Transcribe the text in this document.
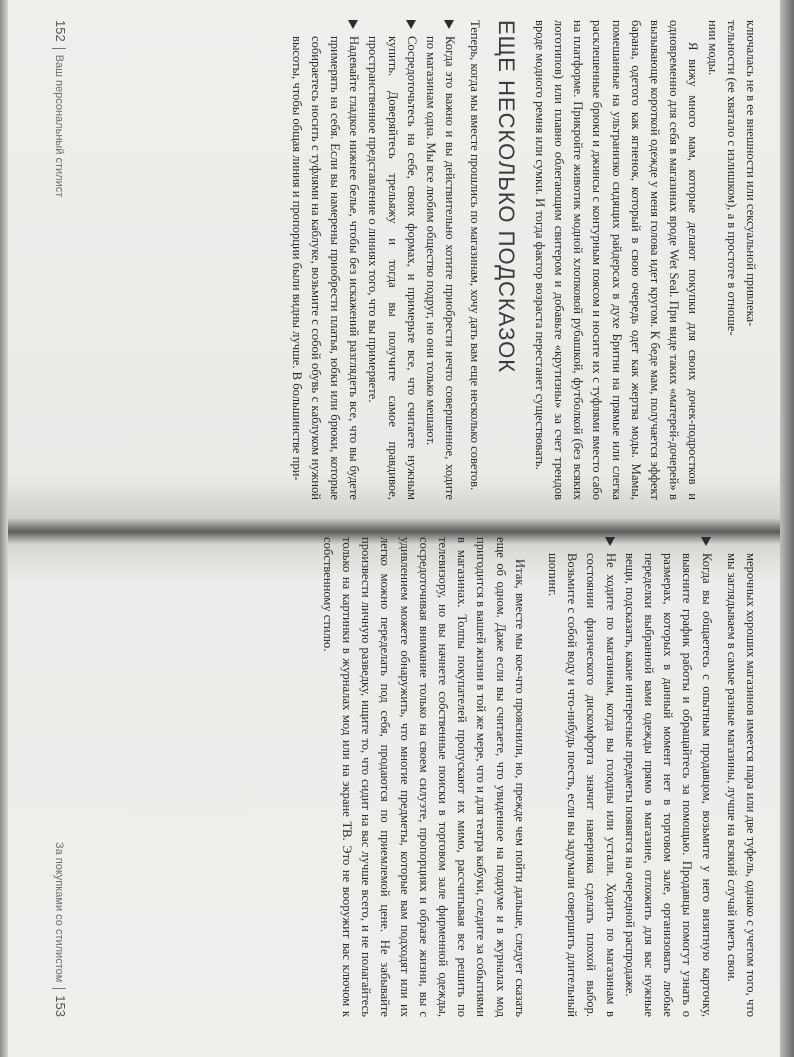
ключалась не в ее внешности или сексуальной привлека-

тельности (ее хватало с излишком), а в простоте в отноше-

нии моды.

Я вижу много мам, которые делают покупки для своих дочек-подростков и одновременно для себя в магазинах вроде Wet Seal. При виде таких «матерей-дочерей» в вызывающе короткой одежде у меня голова идет кругом. К беде мам, получается эффект барана, одетого как ягненок, который в свою очередь одет как жертва моды. Мамы, помешанные на ультранизко сидящих райдерсах в духе Бритни на прямые или слегка расклешенные брюки и джинсы с контурным поясом и носите их с туфлями вместо сабо на платформе. Прикройте животик модной хлопковой рубашкой, футболкой (без всяких логотипов) или плавно облегающим свитером и добавьте «крутизны» за счет трендов вроде модного ремня или сумки. И тогда фактор возраста перестанет существовать.

ЕЩЕ НЕСКОЛЬКО ПОДСКАЗОК

Теперь, когда мы вместе прошлись по магазинам, хочу дать вам еще несколько советов.

Когда это важно и вы действительно хотите приобрести нечто совершенное, ходите по магазинам одна. Мы все любим общество подруг, но они только мешают.
Сосредоточьтесь на себе, своих формах, и примерьте все, что считаете нужным купить. Доверяйтесь трельяжу и тогда вы получите самое правдивое, пространственное представление о линиях того, что вы примеряете.
Надевайте гладкое нижнее белье, чтобы без искажений разглядеть все, что вы будете примерять на себя. Если вы намерены приобрести платья, юбки или брюки, которые собираетесь носить с туфлями на каблуке, возьмите с собой обувь с каблуком нужной высоты, чтобы общая линия и пропорции были видны лучше. В большинстве при-
152Ваш персональный стилист

мерочных хороших магазинов имеется пара или две туфель, однако с учетом того, что мы заглядываем в самые разные магазины, лучше на всякий случай иметь свои.

Когда вы общаетесь с опытным продавцом, возьмите у него визитную карточку, выясните график работы и обращайтесь за помощью. Продавцы помогут узнать о размерах, которых в данный момент нет в торговом зале, организовать любые переделки выбранной вами одежды прямо в магазине, отложить для вас нужные вещи, подсказать, какие интересные предметы появятся на очередной распродаже.
Не ходите по магазинам, когда вы голодны или устали. Ходить по магазинам в состоянии физического дискомфорта значит наверняка сделать плохой выбор. Возьмите с собой воду и что-нибудь поесть, если вы задумали совершить длительный шопинг.

Итак, вместе мы кое-что прояснили, но, прежде чем пойти дальше, следует сказать еще об одном. Даже если вы считаете, что увиденное на подиуме и в журналах мод пригодится в вашей жизни в той же мере, что и для театра кабуки, следите за событиями в магазинах. Толпы покупателей пропускают их мимо, рассчитывая все решить по телевизору, но вы начнете собственные поиски в торговом зале фирменной одежды, сосредоточивая внимание только на своем силуэте, пропорциях и образе жизни, вы с удивлением можете обнаружить, что многие предметы, которые вам подходят или их легко можно переделать под себя, продаются по приемлемой цене. Не забывайте произвести личную разведку, ищите то, что сидит на вас лучше всего, и не полагайтесь только на картинки в журналах мод или на экране ТВ. Это не вооружит вас ключом к собственному стилю.

За покупками со стилистом153
